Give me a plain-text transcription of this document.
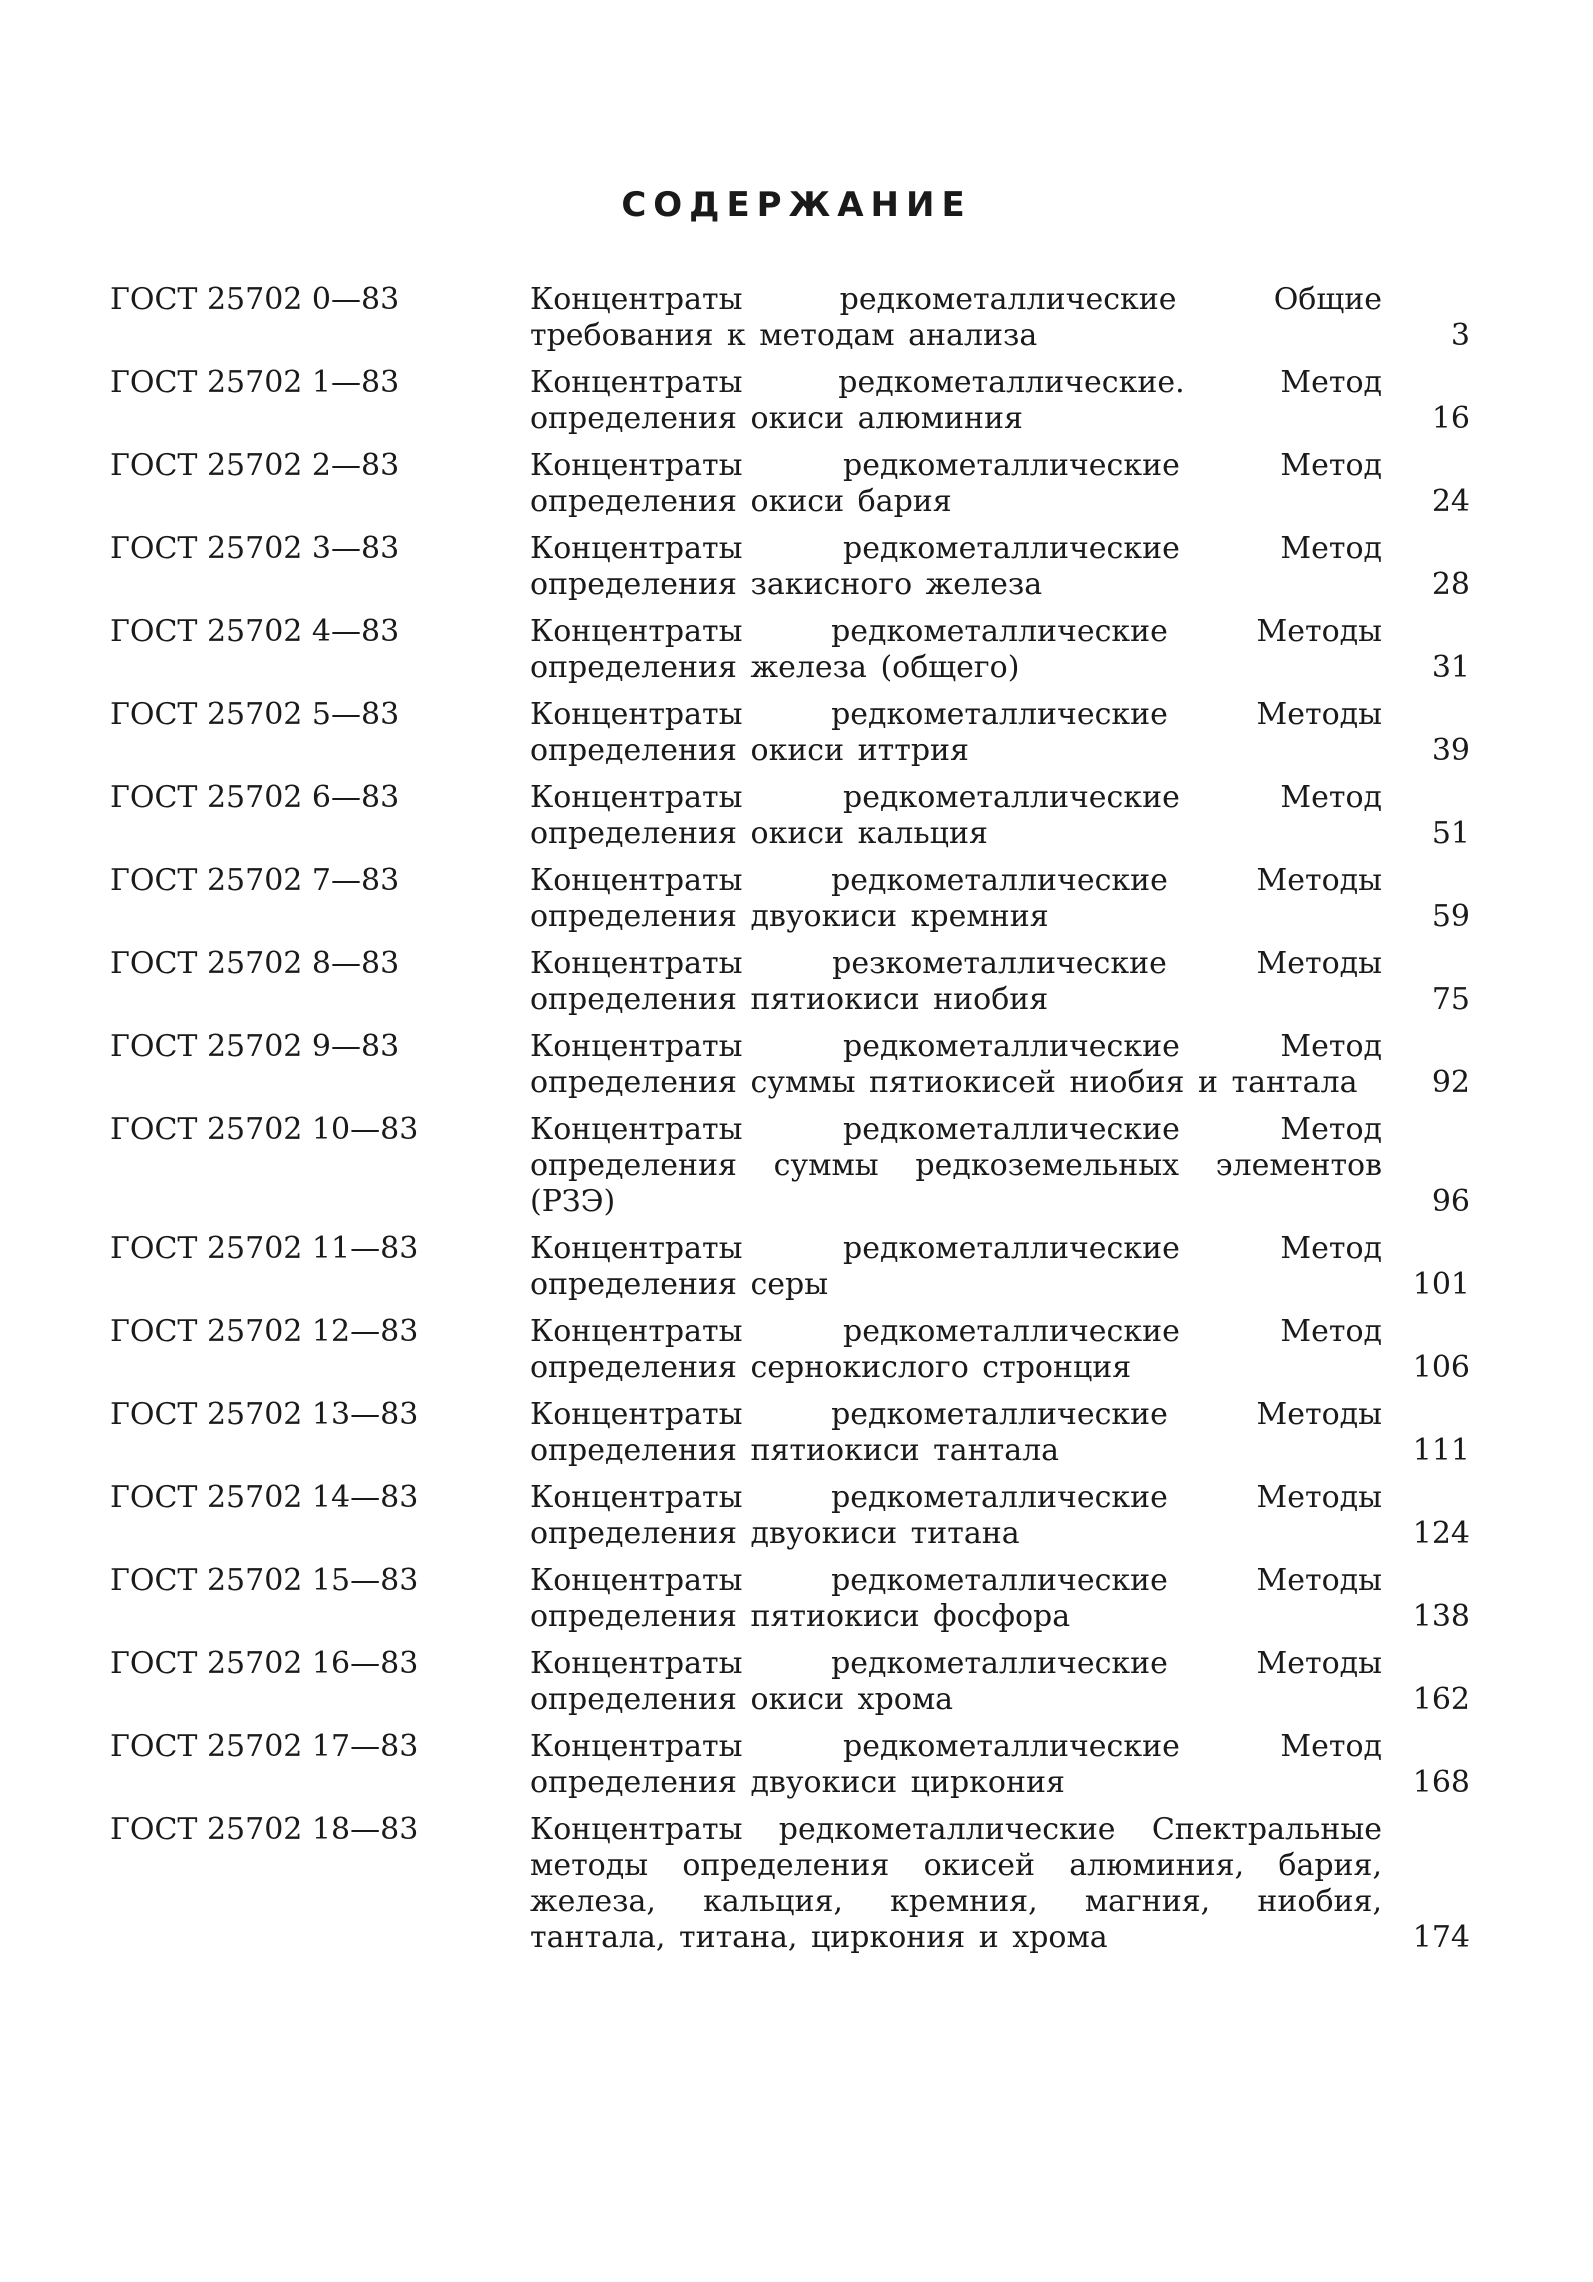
СОДЕРЖАНИЕ
ГОСТ 25702 0—83	Концентраты редкометаллические Общие требования к методам анализа	3
ГОСТ 25702 1—83	Концентраты редкометаллические. Метод определения окиси алюминия	16
ГОСТ 25702 2—83	Концентраты редкометаллические Метод определения окиси бария	24
ГОСТ 25702 3—83	Концентраты редкометаллические Метод определения закисного железа	28
ГОСТ 25702 4—83	Концентраты редкометаллические Методы определения железа (общего)	31
ГОСТ 25702 5—83	Концентраты редкометаллические Методы определения окиси иттрия	39
ГОСТ 25702 6—83	Концентраты редкометаллические Метод определения окиси кальция	51
ГОСТ 25702 7—83	Концентраты редкометаллические Методы определения двуокиси кремния	59
ГОСТ 25702 8—83	Концентраты резкометаллические Методы определения пятиокиси ниобия	75
ГОСТ 25702 9—83	Концентраты редкометаллические Метод определения суммы пятиокисей ниобия и тантала	92
ГОСТ 25702 10—83	Концентраты редкометаллические Метод определения суммы редкоземельных элементов (РЗЭ)	96
ГОСТ 25702 11—83	Концентраты редкометаллические Метод определения серы	101
ГОСТ 25702 12—83	Концентраты редкометаллические Метод определения сернокислого стронция	106
ГОСТ 25702 13—83	Концентраты редкометаллические Методы определения пятиокиси тантала	111
ГОСТ 25702 14—83	Концентраты редкометаллические Методы определения двуокиси титана	124
ГОСТ 25702 15—83	Концентраты редкометаллические Методы определения пятиокиси фосфора	138
ГОСТ 25702 16—83	Концентраты редкометаллические Методы определения окиси хрома	162
ГОСТ 25702 17—83	Концентраты редкометаллические Метод определения двуокиси циркония	168
ГОСТ 25702 18—83	Концентраты редкометаллические Спектральные методы определения окисей алюминия, бария, железа, кальция, кремния, магния, ниобия, тантала, титана, циркония и хрома	174
